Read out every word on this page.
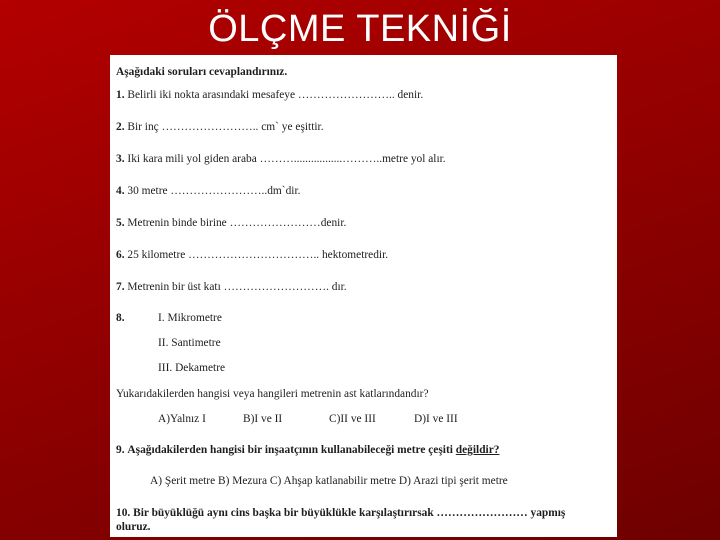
ÖLÇME TEKNİĞİ
Aşağıdaki soruları cevaplandırınız.
1. Belirli iki nokta arasındaki mesafeye …………………….. denir.
2. Bir inç …………………….. cm` ye eşittir.
3. Iki kara mili yol giden araba ……….................………..metre yol alır.
4. 30 metre ……………………..dm`dir.
5. Metrenin binde birine ……………………denir.
6. 25 kilometre …………………………….. hektometredir.
7. Metrenin bir üst katı ………………………. dır.
8.	I. Mikrometre
II. Santimetre
III. Dekametre
Yukarıdakilerden hangisi veya hangileri metrenin ast katlarındandır?
A)Yalnız I	B)I ve II	C)II ve III	D)I ve III
9. Aşağıdakilerden hangisi bir inşaatçının kullanabileceği metre çeşiti değildir?
A) Şerit metre B) Mezura C) Ahşap katlanabilir metre D) Arazi tipi şerit metre
10. Bir büyüklüğü aynı cins başka bir büyüklükle karşılaştırırsak …………………… yapmış
oluruz.
